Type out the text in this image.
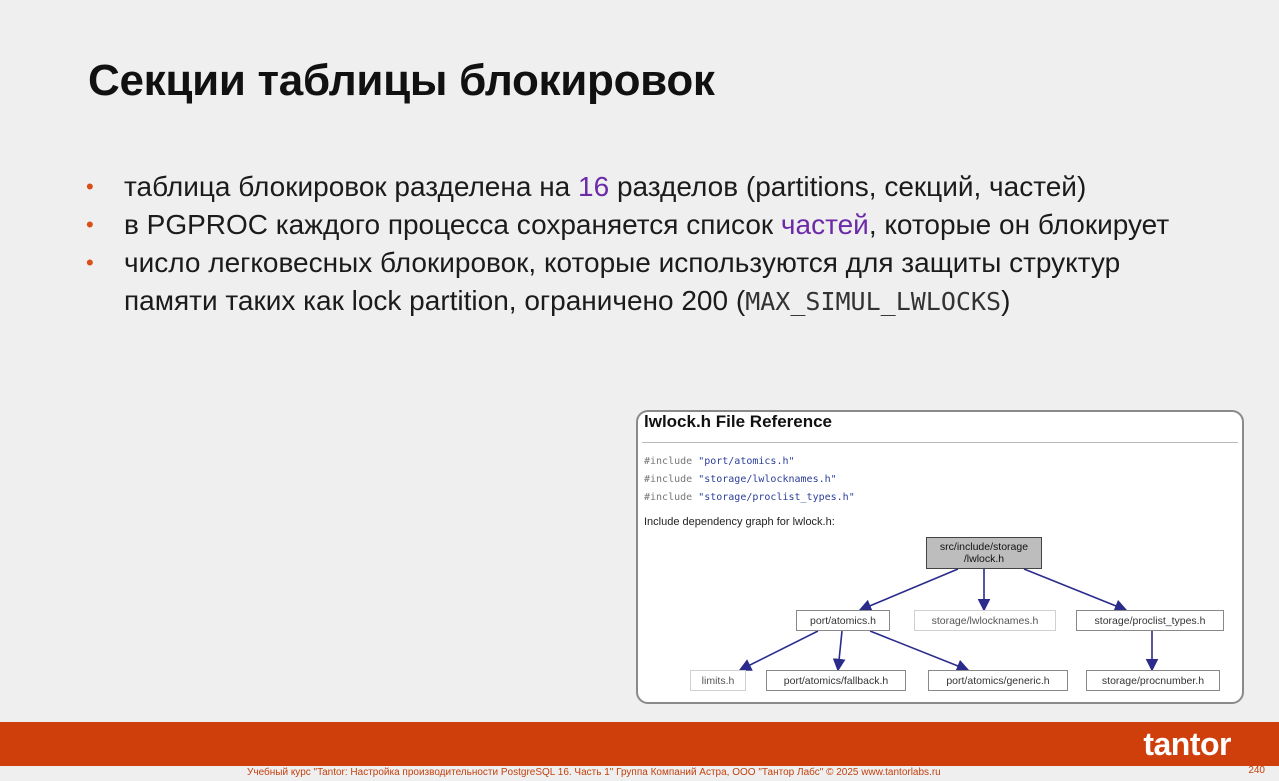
Секции таблицы блокировок
• таблица блокировок разделена на 16 разделов (partitions, секций, частей)
• в PGPROC каждого процесса сохраняется список частей, которые он блокирует
• число легковесных блокировок, которые используются для защиты структур памяти таких как lock partition, ограничено 200 (MAX_SIMUL_LWLOCKS)
lwlock.h File Reference
#include "port/atomics.h"
#include "storage/lwlocknames.h"
#include "storage/proclist_types.h"
Include dependency graph for lwlock.h:
src/include/storage
/lwlock.h
port/atomics.h	storage/lwlocknames.h	storage/proclist_types.h
limits.h	port/atomics/fallback.h	port/atomics/generic.h	storage/procnumber.h
tantor
Учебный курс "Tantor: Настройка производительности PostgreSQL 16. Часть 1" Группа Компаний Астра, ООО "Тантор Лабс" © 2025 www.tantorlabs.ru	240
